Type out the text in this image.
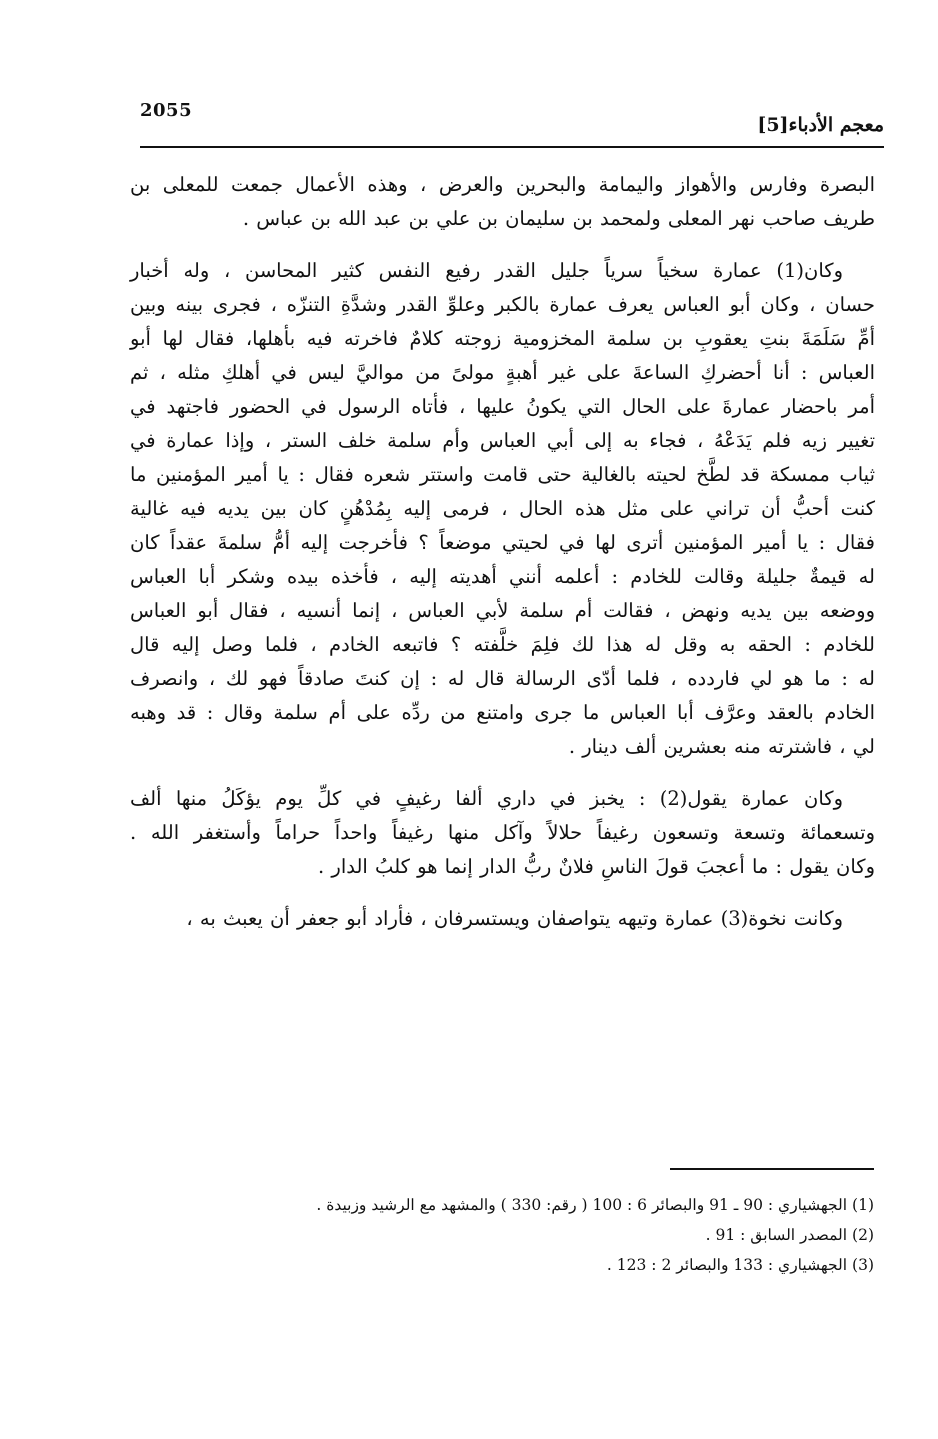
معجم الأدباء[5]
2055

البصرة وفارس والأهواز واليمامة والبحرين والعرض ، وهذه الأعمال جمعت للمعلى بن
طريف صاحب نهر المعلى ولمحمد بن سليمان بن علي بن عبد الله بن عباس .

وكان(1) عمارة سخياً سرياً جليل القدر رفيع النفس كثير المحاسن ، وله أخبار
حسان ، وكان أبو العباس يعرف عمارة بالكبر وعلوِّ القدر وشدَّةِ التنزّه ، فجرى بينه وبين
أمِّ سَلَمَةَ بنتِ يعقوبِ بن سلمة المخزومية زوجته كلامٌ فاخرته فيه بأهلها، فقال لها أبو
العباس : أنا أحضركِ الساعةَ على غير أهبةٍ مولىً من مواليَّ ليس في أهلكِ مثله ، ثم
أمر باحضار عمارةَ على الحال التي يكونُ عليها ، فأتاه الرسول في الحضور فاجتهد في
تغيير زيه فلم يَدَعْهُ ، فجاء به إلى أبي العباس وأم سلمة خلف الستر ، وإذا عمارة في
ثياب ممسكة قد لطَّخ لحيته بالغالية حتى قامت واستتر شعره فقال : يا أمير المؤمنين ما
كنت أحبُّ أن تراني على مثل هذه الحال ، فرمى إليه بِمُدْهُنٍ كان بين يديه فيه غالية
فقال : يا أمير المؤمنين أترى لها في لحيتي موضعاً ؟ فأخرجت إليه أمُّ سلمةَ عقداً كان
له قيمةٌ جليلة وقالت للخادم : أعلمه أنني أهديته إليه ، فأخذه بيده وشكر أبا العباس
ووضعه بين يديه ونهض ، فقالت أم سلمة لأبي العباس ، إنما أنسيه ، فقال أبو العباس
للخادم : الحقه به وقل له هذا لك فلِمَ خلَّفته ؟ فاتبعه الخادم ، فلما وصل إليه قال
له : ما هو لي فاردده ، فلما أدّى الرسالة قال له : إن كنتَ صادقاً فهو لك ، وانصرف
الخادم بالعقد وعرَّف أبا العباس ما جرى وامتنع من ردِّه على أم سلمة وقال : قد وهبه
لي ، فاشترته منه بعشرين ألف دينار .

وكان عمارة يقول(2) : يخبز في داري ألفا رغيفٍ في كلِّ يوم يؤكَلُ منها ألف
وتسعمائة وتسعة وتسعون رغيفاً حلالاً وآكل منها رغيفاً واحداً حراماً وأستغفر الله .
وكان يقول : ما أعجبَ قولَ الناسِ فلانٌ ربُّ الدار إنما هو كلبُ الدار .

وكانت نخوة(3) عمارة وتيهه يتواصفان ويستسرفان ، فأراد أبو جعفر أن يعبث به ،

(1) الجهشياري : 90 ـ 91 والبصائر 6 : 100 ( رقم: 330 ) والمشهد مع الرشيد وزبيدة .

(2) المصدر السابق : 91 .

(3) الجهشياري : 133 والبصائر 2 : 123 .
